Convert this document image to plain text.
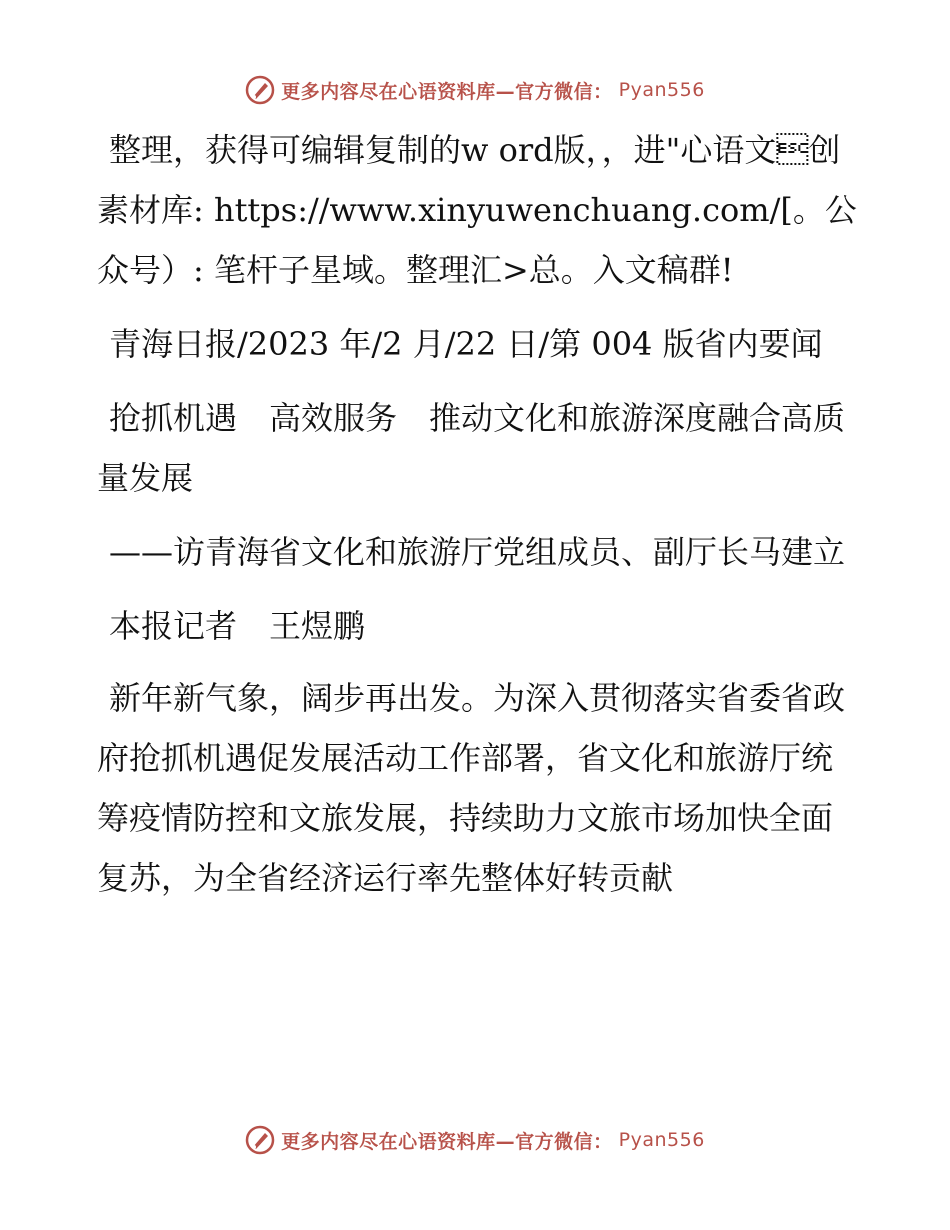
更多内容尽在心语资料库—官方微信： Pyan556

整理，获得可编辑复制的w ord版，，进"心语文创素材库: https://www.xinyuwenchuang.com/[。公众号）: 笔杆子星域。整理汇>总。入文稿群!

青海日报/2023 年/2 月/22 日/第 004 版省内要闻

抢抓机遇　高效服务　推动文化和旅游深度融合高质量发展

——访青海省文化和旅游厅党组成员、副厅长马建立

本报记者　王煜鹏

新年新气象，阔步再出发。为深入贯彻落实省委省政府抢抓机遇促发展活动工作部署，省文化和旅游厅统筹疫情防控和文旅发展，持续助力文旅市场加快全面复苏，为全省经济运行率先整体好转贡献

更多内容尽在心语资料库—官方微信： Pyan556
